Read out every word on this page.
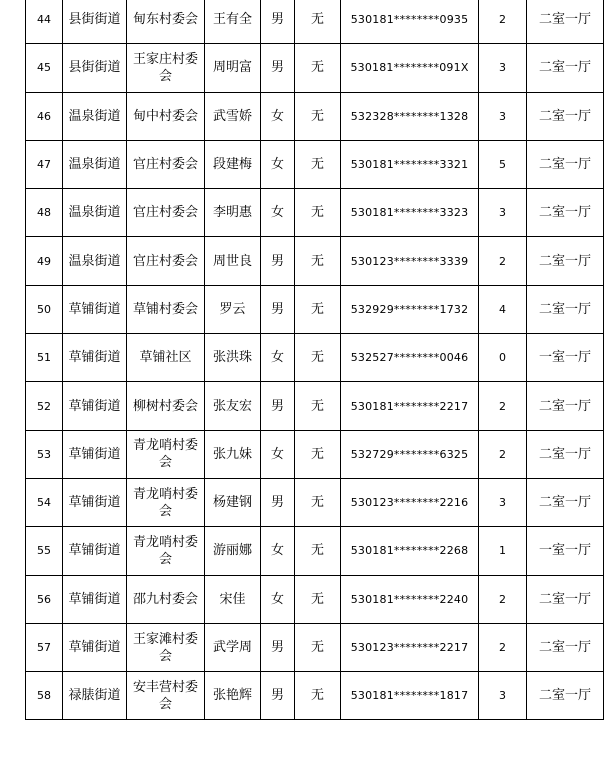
44	县街街道	甸东村委会	王有全	男	无	530181********0935	2	二室一厅
45	县街街道	王家庄村委会	周明富	男	无	530181********091X	3	二室一厅
46	温泉街道	甸中村委会	武雪娇	女	无	532328********1328	3	二室一厅
47	温泉街道	官庄村委会	段建梅	女	无	530181********3321	5	二室一厅
48	温泉街道	官庄村委会	李明惠	女	无	530181********3323	3	二室一厅
49	温泉街道	官庄村委会	周世良	男	无	530123********3339	2	二室一厅
50	草铺街道	草铺村委会	罗云	男	无	532929********1732	4	二室一厅
51	草铺街道	草铺社区	张洪珠	女	无	532527********0046	0	一室一厅
52	草铺街道	柳树村委会	张友宏	男	无	530181********2217	2	二室一厅
53	草铺街道	青龙哨村委会	张九妹	女	无	532729********6325	2	二室一厅
54	草铺街道	青龙哨村委会	杨建钢	男	无	530123********2216	3	二室一厅
55	草铺街道	青龙哨村委会	游丽娜	女	无	530181********2268	1	一室一厅
56	草铺街道	邵九村委会	宋佳	女	无	530181********2240	2	二室一厅
57	草铺街道	王家滩村委会	武学周	男	无	530123********2217	2	二室一厅
58	禄脿街道	安丰营村委会	张艳辉	男	无	530181********1817	3	二室一厅
